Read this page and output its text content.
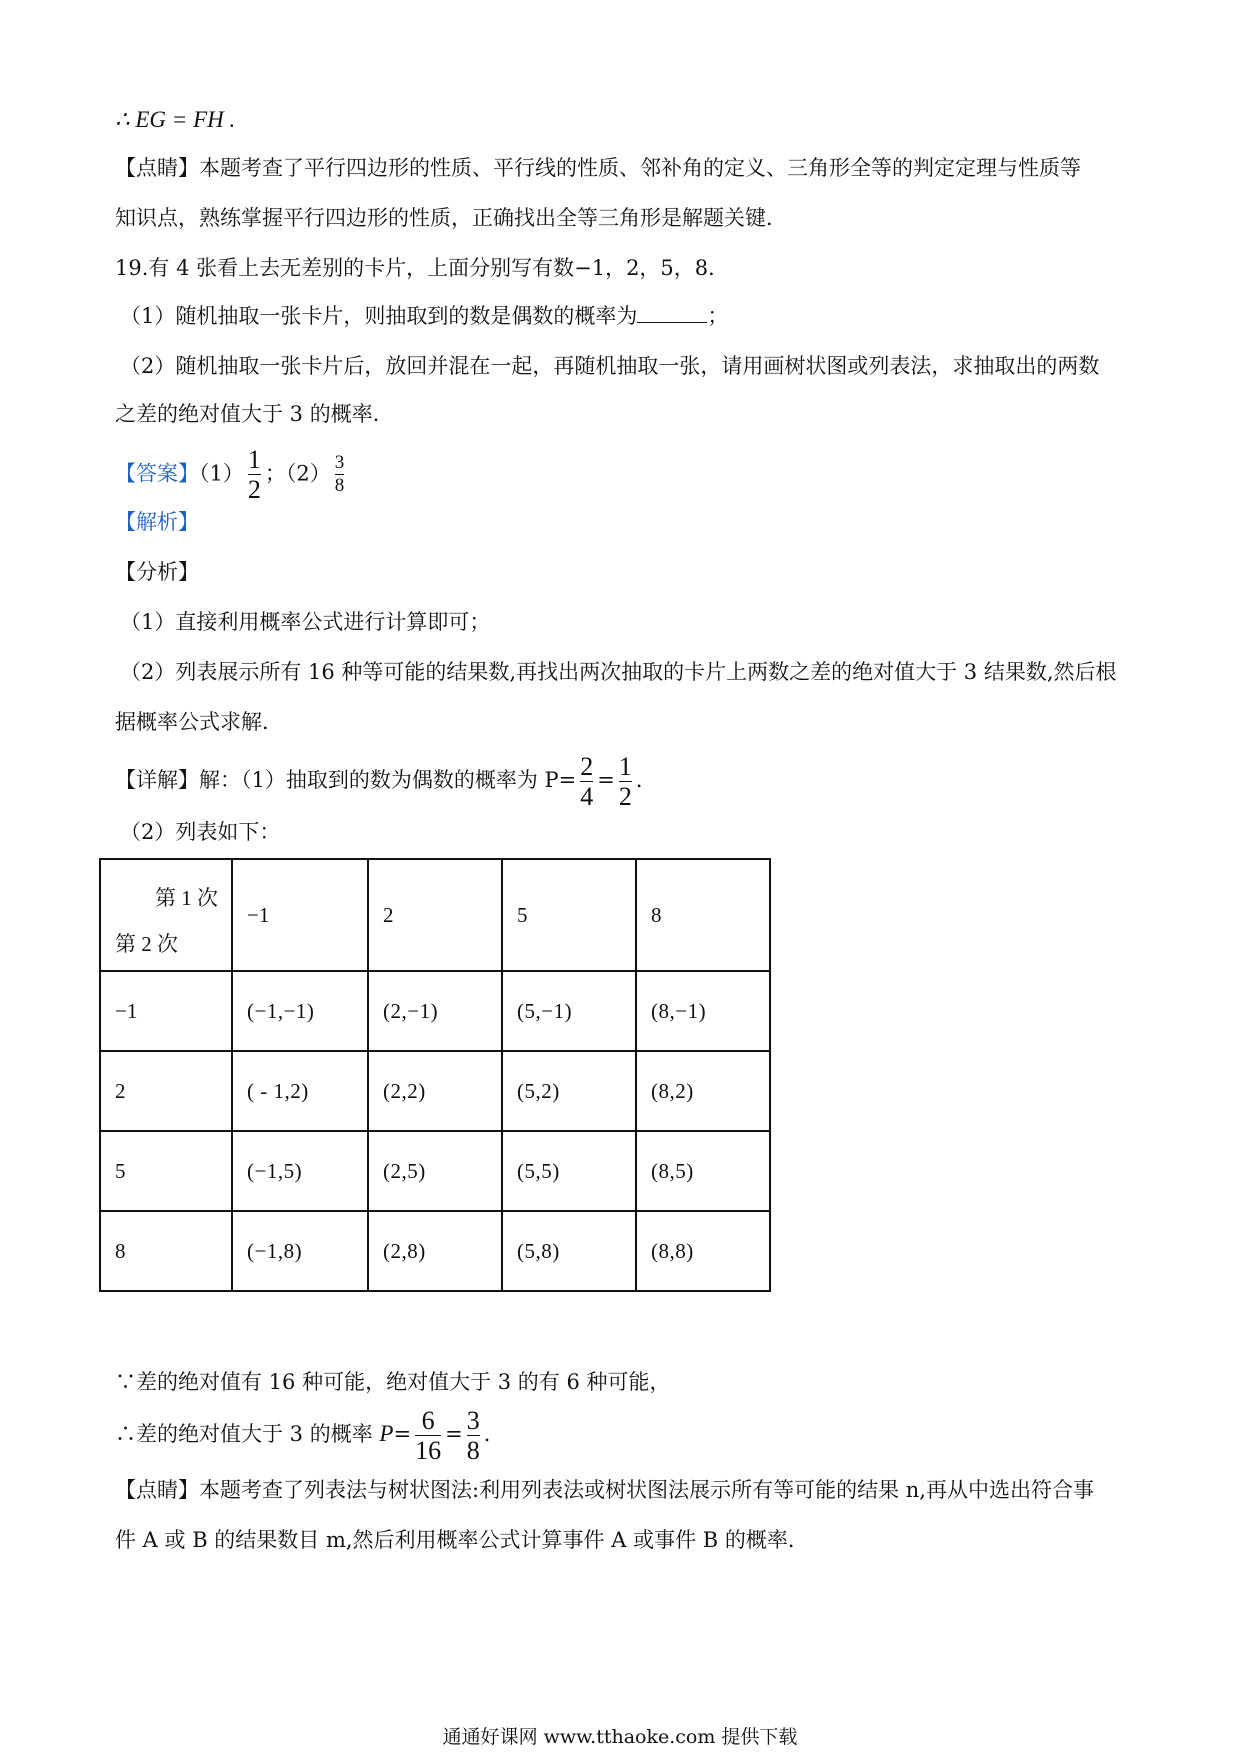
∴ EG = FH .
【点睛】本题考查了平行四边形的性质、平行线的性质、邻补角的定义、三角形全等的判定定理与性质等
知识点，熟练掌握平行四边形的性质，正确找出全等三角形是解题关键．
19.有 4 张看上去无差别的卡片，上面分别写有数−1，2，5，8．
（1）随机抽取一张卡片，则抽取到的数是偶数的概率为	；
（2）随机抽取一张卡片后，放回并混在一起，再随机抽取一张，请用画树状图或列表法，求抽取出的两数
之差的绝对值大于 3 的概率．
【答案】$(1) \frac{1}{2}$ ；$(2) \frac{3}{8}$
【解析】
【分析】
（1）直接利用概率公式进行计算即可；
（2）列表展示所有 16 种等可能的结果数,再找出两次抽取的卡片上两数之差的绝对值大于 3 结果数,然后根
据概率公式求解．
【详解】解：（1）抽取到的数为偶数的概率为 $P= \frac{2}{4} = \frac{1}{2}$ ．
（2）列表如下：
第 1 次
第 2 次	−1	2	5	8
−1	(−1,−1)	(2,−1)	(5,−1)	(8,−1)
2	( - 1,2)	(2,2)	(5,2)	(8,2)
5	(−1,5)	(2,5)	(5,5)	(8,5)
8	(−1,8)	(2,8)	(5,8)	(8,8)
∵差的绝对值有 16 种可能，绝对值大于 3 的有 6 种可能，
∴差的绝对值大于 3 的概率 $P= \frac{6}{16} = \frac{3}{8}$ ．
【点睛】本题考查了列表法与树状图法:利用列表法或树状图法展示所有等可能的结果 n,再从中选出符合事
件 A 或 B 的结果数目 m,然后利用概率公式计算事件 A 或事件 B 的概率．
通通好课网 www.tthaoke.com 提供下载
